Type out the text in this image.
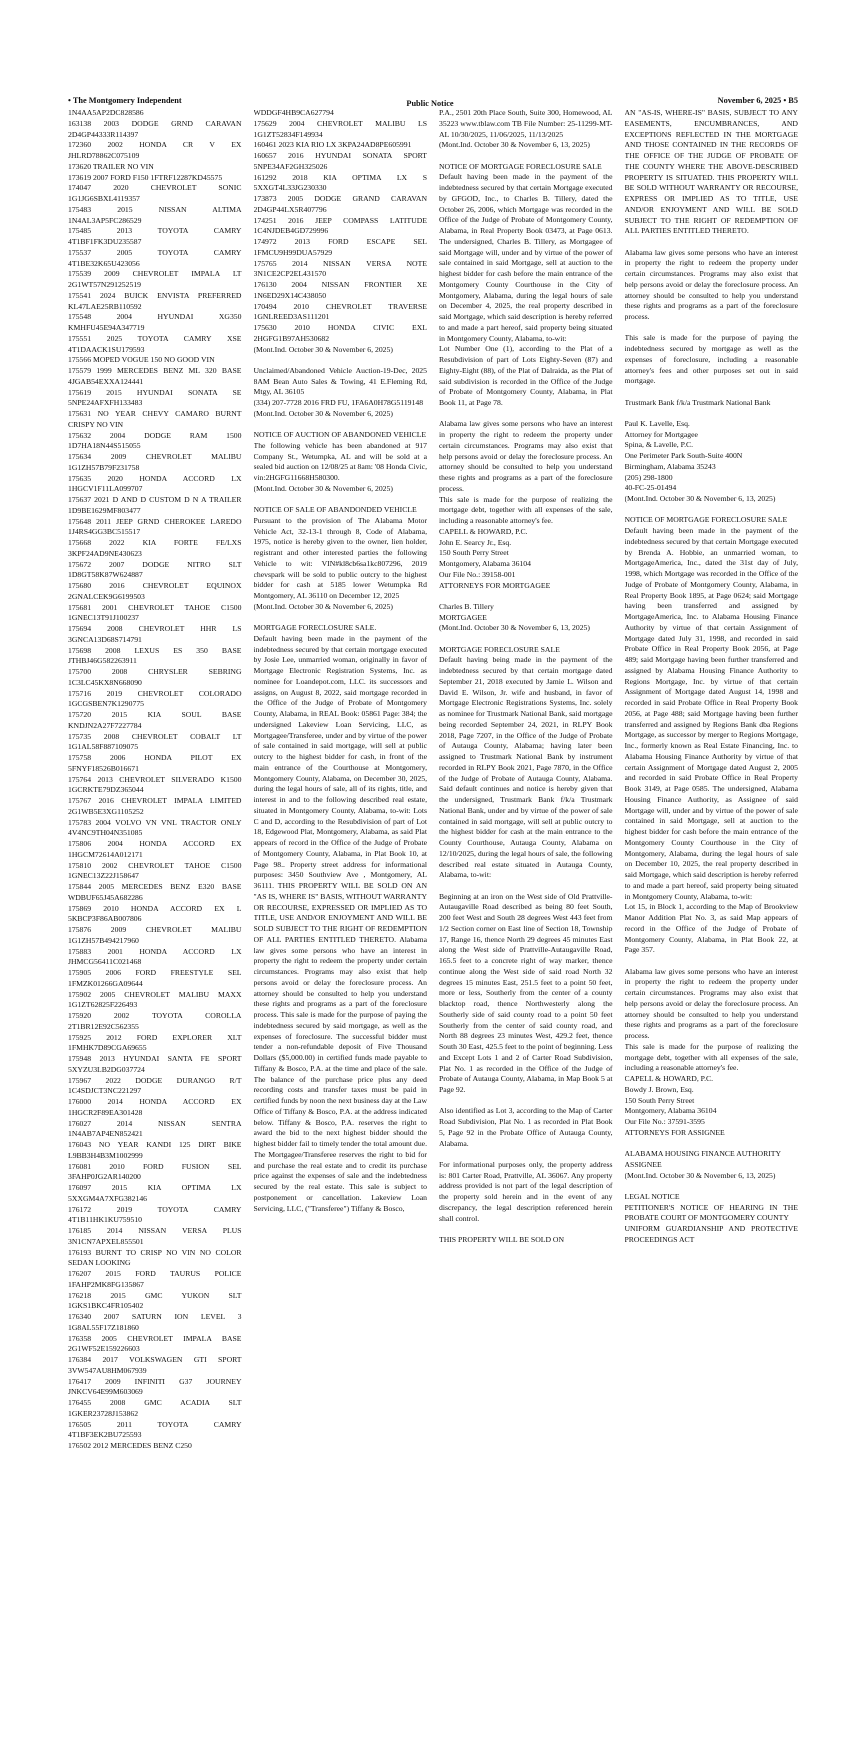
• The Montgomery Independent	Public Notice	November 6, 2025 • B5

1N4AA5AP2DC828586
163138 2003 DODGE GRND CARAVAN 2D4GP44333R114397
172360 2002 HONDA CR V EX JHLRD78862C075109
173620 TRAILER NO VIN
173619 2007 FORD F150 1FTRF12287KD45575
174047 2020 CHEVROLET SONIC 1G1JG6SBXL4119357
175483 2015 NISSAN ALTIMA 1N4AL3AP5FC286529
175485 2013 TOYOTA CAMRY 4T1BF1FK3DU235587
175537 2005 TOYOTA CAMRY 4T1BE32K65U423056
175539 2009 CHEVROLET IMPALA LT 2G1WT57N291252519
175541 2024 BUICK ENVISTA PREFERRED KL47LAE25RB110592
175548 2004 HYUNDAI XG350 KMHFU45E94A347719
175551 2025 TOYOTA CAMRY XSE 4T1DAACK1SU179593
175566 MOPED VOGUE 150 NO GOOD VIN
175579 1999 MERCEDES BENZ ML 320 BASE 4JGAB54EXXA124441
175619 2015 HYUNDAI SONATA SE 5NPE24AFXFH133483
175631 NO YEAR CHEVY CAMARO BURNT CRISPY NO VIN
175632 2004 DODGE RAM 1500 1D7HA18N44S515055
175634 2009 CHEVROLET MALIBU 1G1ZH57B79F231758
175635 2020 HONDA ACCORD LX 1HGCV1F11LA099707
175637 2021 D AND D CUSTOM D N A TRAILER 1D9BE1629MF803477
175648 2011 JEEP GRND CHEROKEE LAREDO 1J4RS4GG3BC515517
175668 2022 KIA FORTE FE/LXS 3KPF24AD9NE430623
175672 2007 DODGE NITRO SLT 1D8GT58K87W624887
175680 2016 CHEVROLET EQUINOX 2GNALCEK9G6199503
175681 2001 CHEVROLET TAHOE C1500 1GNEC13T91J100237
175694 2008 CHEVROLET HHR LS 3GNCA13D68S714791
175698 2008 LEXUS ES 350 BASE JTHBJ46G582263911
175700 2008 CHRYSLER SEBRING 1C3LC45KX8N668090
175716 2019 CHEVROLET COLORADO 1GCGSBEN7K1290775
175720 2015 KIA SOUL BASE KNDJN2A27F7227784
175735 2008 CHEVROLET COBALT LT 1G1AL58F887109075
175758 2006 HONDA PILOT EX 5FNYF18526B016671
175764 2013 CHEVROLET SILVERADO K1500 1GCRKTE79DZ365044
175767 2016 CHEVROLET IMPALA LIMITED 2G1WB5E3XG1105252
175783 2004 VOLVO VN VNL TRACTOR ONLY 4V4NC9TH04N351085
175806 2004 HONDA ACCORD EX 1HGCM72614A012171
175810 2002 CHEVROLET TAHOE C1500 1GNEC13Z22J158647
175844 2005 MERCEDES BENZ E320 BASE WDBUF65J45A682286
175869 2010 HONDA ACCORD EX L 5KBCP3F86AB007806
175876 2009 CHEVROLET MALIBU 1G1ZH57B494217960
175883 2001 HONDA ACCORD LX JHMCG56411C021468
175905 2006 FORD FREESTYLE SEL 1FMZK01266GA09644
175902 2005 CHEVROLET MALIBU MAXX 1G1ZT62825F226493
175920 2002 TOYOTA COROLLA 2T1BR12E92C562355
175925 2012 FORD EXPLORER XLT 1FMHK7D89CGA69655
175948 2013 HYUNDAI SANTA FE SPORT 5XYZU3LB2DG037724
175967 2022 DODGE DURANGO R/T 1C4SDJCT3NC221297
176000 2014 HONDA ACCORD EX 1HGCR2F89EA301428
176027 2014 NISSAN SENTRA 1N4AB7AP4EN852421
176043 NO YEAR KANDI 125 DIRT BIKE L9BB3H4B3M1002999
176081 2010 FORD FUSION SEL 3FAHP0JG2AR140200
176097 2015 KIA OPTIMA LX 5XXGM4A7XFG382146
176172 2019 TOYOTA CAMRY 4T1B11HK1KU759510
176185 2014 NISSAN VERSA PLUS 3N1CN7APXEL855501
176193 BURNT TO CRISP NO VIN NO COLOR SEDAN LOOKING
176207 2015 FORD TAURUS POLICE 1FAHP2MK8FG135867
176218 2015 GMC YUKON SLT 1GKS1BKC4FR105402
176340 2007 SATURN ION LEVEL 3 1G8AL55F17Z181860
176358 2005 CHEVROLET IMPALA BASE 2G1WF52E159226603
176384 2017 VOLKSWAGEN GTI SPORT 3VW547AU8HM067939
176417 2009 INFINITI G37 JOURNEY JNKCV64E99M603069
176455 2008 GMC ACADIA SLT 1GKER23728J153862
176505 2011 TOYOTA CAMRY 4T1BF3EK2BU725593
176502 2012 MERCEDES BENZ C250

WDDGF4HB9CA627794
175629 2004 CHEVROLET MALIBU LS 1G1ZT52834F149934
160461 2023 KIA RIO LX 3KPA24AD8PE605991
160657 2016 HYUNDAI SONATA SPORT 5NPE34AF2GH325026
161292 2018 KIA OPTIMA LX S 5XXGT4L33JG230330
173873 2005 DODGE GRAND CARAVAN 2D4GP44LX5R407796
174251 2016 JEEP COMPASS LATITUDE 1C4NJDEB4GD729996
174972 2013 FORD ESCAPE SEL 1FMCU9H99DUA57929
175765 2014 NISSAN VERSA NOTE 3N1CE2CP2EL431570
176130 2004 NISSAN FRONTIER XE 1N6ED29X14C438050
170494 2010 CHEVROLET TRAVERSE 1GNLREED3AS111201
175630 2010 HONDA CIVIC EXL 2HGFG1B97AH530682
(Mont.Ind. October 30 & November 6, 2025)

Unclaimed/Abandoned Vehicle Auction-19-Dec, 2025 8AM Bean Auto Sales & Towing, 41 E.Fleming Rd, Mtgy, AL 36105
(334) 207-7728 2016 FRD FU, 1FA6A0H78G5119148
(Mont.Ind. October 30 & November 6, 2025)

NOTICE OF AUCTION OF ABANDONED VEHICLE
The following vehicle has been abandoned at 917 Company St., Wetumpka, AL and will be sold at a sealed bid auction on 12/08/25 at 8am: '08 Honda Civic, vin:2HGFG11668H580300.
(Mont.Ind. October 30 & November 6, 2025)

NOTICE OF SALE OF ABANDONDED VEHICLE
Pursuant to the provision of The Alabama Motor Vehicle Act, 32-13-1 through 8, Code of Alabama, 1975, notice is hereby given to the owner, lien holder, registrant and other interested parties the following Vehicle to wit: VIN#kl8cb6sa1kc807296, 2019 chevspark will be sold to public outcry to the highest bidder for cash at 5185 lower Wetumpka Rd Montgomery, AL 36110 on December 12, 2025
(Mont.Ind. October 30 & November 6, 2025)

MORTGAGE FORECLOSURE SALE.
Default having been made in the payment of the indebtedness secured by that certain mortgage executed by Josie Lee, unmarried woman, originally in favor of Mortgage Electronic Registration Systems, Inc. as nominee for Loandepot.com, LLC. its successors and assigns, on August 8, 2022, said mortgage recorded in the Office of the Judge of Probate of Montgomery County, Alabama, in REAL Book: 05861 Page: 384; the undersigned Lakeview Loan Servicing, LLC, as Mortgagee/Transferee, under and by virtue of the power of sale contained in said mortgage, will sell at public outcry to the highest bidder for cash, in front of the main entrance of the Courthouse at Montgomery, Montgomery County, Alabama, on December 30, 2025, during the legal hours of sale, all of its rights, title, and interest in and to the following described real estate, situated in Montgomery County, Alabama, to-wit: Lots C and D, according to the Resubdivision of part of Lot 18, Edgewood Plat, Montgomery, Alabama, as said Plat appears of record in the Office of the Judge of Probate of Montgomery County, Alabama, in Plat Book 10, at Page 98.. Property street address for informational purposes: 3450 Southview Ave , Montgomery, AL 36111. THIS PROPERTY WILL BE SOLD ON AN "AS IS, WHERE IS" BASIS, WITHOUT WARRANTY OR RECOURSE, EXPRESSED OR IMPLIED AS TO TITLE, USE AND/OR ENJOYMENT AND WILL BE SOLD SUBJECT TO THE RIGHT OF REDEMPTION OF ALL PARTIES ENTITLED THERETO. Alabama law gives some persons who have an interest in property the right to redeem the property under certain circumstances. Programs may also exist that help persons avoid or delay the foreclosure process. An attorney should be consulted to help you understand these rights and programs as a part of the foreclosure process. This sale is made for the purpose of paying the indebtedness secured by said mortgage, as well as the expenses of foreclosure. The successful bidder must tender a non-refundable deposit of Five Thousand Dollars ($5,000.00) in certified funds made payable to Tiffany & Bosco, P.A. at the time and place of the sale. The balance of the purchase price plus any deed recording costs and transfer taxes must be paid in certified funds by noon the next business day at the Law Office of Tiffany & Bosco, P.A. at the address indicated below. Tiffany & Bosco, P.A. reserves the right to award the bid to the next highest bidder should the highest bidder fail to timely tender the total amount due. The Mortgagee/Transferee reserves the right to bid for and purchase the real estate and to credit its purchase price against the expenses of sale and the indebtedness secured by the real estate. This sale is subject to postponement or cancellation. Lakeview Loan Servicing, LLC, ("Transferee") Tiffany & Bosco,

P.A., 2501 20th Place South, Suite 300, Homewood, AL 35223 www.tblaw.com TB File Number: 25-11299-MT-AL 10/30/2025, 11/06/2025, 11/13/2025
(Mont.Ind. October 30 & November 6, 13, 2025)

NOTICE OF MORTGAGE FORECLOSURE SALE
Default having been made in the payment of the indebtedness secured by that certain Mortgage executed by GFGOD, Inc., to Charles B. Tillery, dated the October 26, 2006, which Mortgage was recorded in the Office of the Judge of Probate of Montgomery County, Alabama, in Real Property Book 03473, at Page 0613. The undersigned, Charles B. Tillery, as Mortgagee of said Mortgage will, under and by virtue of the power of sale contained in said Mortgage, sell at auction to the highest bidder for cash before the main entrance of the Montgomery County Courthouse in the City of Montgomery, Alabama, during the legal hours of sale on December 4, 2025, the real property described in said Mortgage, which said description is hereby referred to and made a part hereof, said property being situated in Montgomery County, Alabama, to-wit:
Lot Number One (1), according to the Plat of a Resubdivision of part of Lots Eighty-Seven (87) and Eighty-Eight (88), of the Plat of Dalraida, as the Plat of said subdivision is recorded in the Office of the Judge of Probate of Montgomery County, Alabama, in Plat Book 11, at Page 78.

Alabama law gives some persons who have an interest in property the right to redeem the property under certain circumstances. Programs may also exist that help persons avoid or delay the foreclosure process. An attorney should be consulted to help you understand these rights and programs as a part of the foreclosure process.
This sale is made for the purpose of realizing the mortgage debt, together with all expenses of the sale, including a reasonable attorney's fee.
CAPELL & HOWARD, P.C.
John E. Searcy Jr., Esq.
150 South Perry Street
Montgomery, Alabama 36104
Our File No.: 39158-001
ATTORNEYS FOR MORTGAGEE

Charles B. Tillery
MORTGAGEE
(Mont.Ind. October 30 & November 6, 13, 2025)

MORTGAGE FORECLOSURE SALE
Default having being made in the payment of the indebtedness secured by that certain mortgage dated September 21, 2018 executed by Jamie L. Wilson and David E. Wilson, Jr. wife and husband, in favor of Mortgage Electronic Registrations Systems, Inc. solely as nominee for Trustmark National Bank, said mortgage being recorded September 24, 2021, in RLPY Book 2018, Page 7207, in the Office of the Judge of Probate of Autauga County, Alabama; having later been assigned to Trustmark National Bank by instrument recorded in RLPY Book 2021, Page 7870, in the Office of the Judge of Probate of Autauga County, Alabama. Said default continues and notice is hereby given that the undersigned, Trustmark Bank f/k/a Trustmark National Bank, under and by virtue of the power of sale contained in said mortgage, will sell at public outcry to the highest bidder for cash at the main entrance to the County Courthouse, Autauga County, Alabama on 12/10/2025, during the legal hours of sale, the following described real estate situated in Autauga County, Alabama, to-wit:

Beginning at an iron on the West side of Old Prattville-Autaugaville Road described as being 80 feet South, 200 feet West and South 28 degrees West 443 feet from 1/2 Section corner on East line of Section 18, Township 17, Range 16, thence North 29 degrees 45 minutes East along the West side of Prattville-Autaugaville Road, 165.5 feet to a concrete right of way marker, thence continue along the West side of said road North 32 degrees 15 minutes East, 251.5 feet to a point 50 feet, more or less, Southerly from the center of a county blacktop road, thence Northwesterly along the Southerly side of said county road to a point 50 feet Southerly from the center of said county road, and North 88 degrees 23 minutes West, 429.2 feet, thence South 30 East, 425.5 feet to the point of beginning. Less and Except Lots 1 and 2 of Carter Road Subdivision, Plat No. 1 as recorded in the Office of the Judge of Probate of Autauga County, Alabama, in Map Book 5 at Page 92.

Also identified as Lot 3, according to the Map of Carter Road Subdivision, Plat No. 1 as recorded in Plat Book 5, Page 92 in the Probate Office of Autauga County, Alabama.

For informational purposes only, the property address is: 801 Carter Road, Prattville, AL 36067. Any property address provided is not part of the legal description of the property sold herein and in the event of any discrepancy, the legal description referenced herein shall control.

THIS PROPERTY WILL BE SOLD ON

AN "AS-IS, WHERE-IS" BASIS, SUBJECT TO ANY EASEMENTS, ENCUMBRANCES, AND EXCEPTIONS REFLECTED IN THE MORTGAGE AND THOSE CONTAINED IN THE RECORDS OF THE OFFICE OF THE JUDGE OF PROBATE OF THE COUNTY WHERE THE ABOVE-DESCRIBED PROPERTY IS SITUATED. THIS PROPERTY WILL BE SOLD WITHOUT WARRANTY OR RECOURSE, EXPRESS OR IMPLIED AS TO TITLE, USE AND/OR ENJOYMENT AND WILL BE SOLD SUBJECT TO THE RIGHT OF REDEMPTION OF ALL PARTIES ENTITLED THERETO.

Alabama law gives some persons who have an interest in property the right to redeem the property under certain circumstances. Programs may also exist that help persons avoid or delay the foreclosure process. An attorney should be consulted to help you understand these rights and programs as a part of the foreclosure process.

This sale is made for the purpose of paying the indebtedness secured by mortgage as well as the expenses of foreclosure, including a reasonable attorney's fees and other purposes set out in said mortgage.

Trustmark Bank f/k/a Trustmark National Bank

Paul K. Lavelle, Esq.
Attorney for Mortgagee
Spina, & Lavelle, P.C.
One Perimeter Park South-Suite 400N
Birmingham, Alabama 35243
(205) 298-1800
40-FC-25-01494
(Mont.Ind. October 30 & November 6, 13, 2025)

NOTICE OF MORTGAGE FORECLOSURE SALE
Default having been made in the payment of the indebtedness secured by that certain Mortgage executed by Brenda A. Hobbie, an unmarried woman, to MortgageAmerica, Inc., dated the 31st day of July, 1998, which Mortgage was recorded in the Office of the Judge of Probate of Montgomery County, Alabama, in Real Property Book 1895, at Page 0624; said Mortgage having been transferred and assigned by MortgageAmerica, Inc. to Alabama Housing Finance Authority by virtue of that certain Assignment of Mortgage dated July 31, 1998, and recorded in said Probate Office in Real Property Book 2056, at Page 489; said Mortgage having been further transferred and assigned by Alabama Housing Finance Authority to Regions Mortgage, Inc. by virtue of that certain Assignment of Mortgage dated August 14, 1998 and recorded in said Probate Office in Real Property Book 2056, at Page 488; said Mortgage having been further transferred and assigned by Regions Bank dba Regions Mortgage, as successor by merger to Regions Mortgage, Inc., formerly known as Real Estate Financing, Inc. to Alabama Housing Finance Authority by virtue of that certain Assignment of Mortgage dated August 2, 2005 and recorded in said Probate Office in Real Property Book 3149, at Page 0585. The undersigned, Alabama Housing Finance Authority, as Assignee of said Mortgage will, under and by virtue of the power of sale contained in said Mortgage, sell at auction to the highest bidder for cash before the main entrance of the Montgomery County Courthouse in the City of Montgomery, Alabama, during the legal hours of sale on December 10, 2025, the real property described in said Mortgage, which said description is hereby referred to and made a part hereof, said property being situated in Montgomery County, Alabama, to-wit:
Lot 15, in Block 1, according to the Map of Brookview Manor Addition Plat No. 3, as said Map appears of record in the Office of the Judge of Probate of Montgomery County, Alabama, in Plat Book 22, at Page 357.

Alabama law gives some persons who have an interest in property the right to redeem the property under certain circumstances. Programs may also exist that help persons avoid or delay the foreclosure process. An attorney should be consulted to help you understand these rights and programs as a part of the foreclosure process.
This sale is made for the purpose of realizing the mortgage debt, together with all expenses of the sale, including a reasonable attorney's fee.
CAPELL & HOWARD, P.C.
Bowdy J. Brown, Esq.
150 South Perry Street
Montgomery, Alabama 36104
Our File No.: 37591-3595
ATTORNEYS FOR ASSIGNEE

ALABAMA HOUSING FINANCE AUTHORITY
ASSIGNEE
(Mont.Ind. October 30 & November 6, 13, 2025)

LEGAL NOTICE
PETITIONER'S NOTICE OF HEARING IN THE PROBATE COURT OF MONTGOMERY COUNTY
UNIFORM GUARDIANSHIP AND PROTECTIVE PROCEEDINGS ACT
